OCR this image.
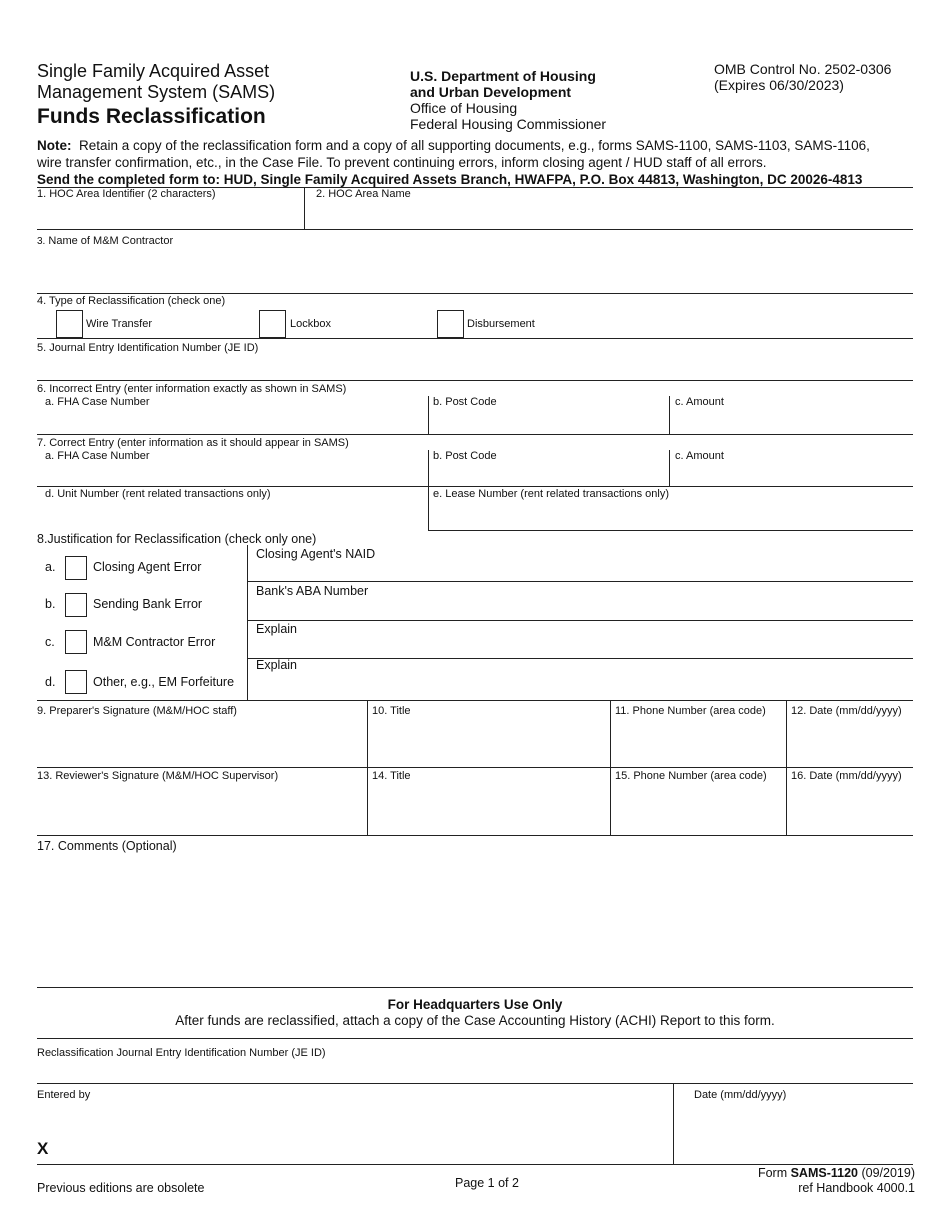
Single Family Acquired Asset
Management System (SAMS)
Funds Reclassification
U.S. Department of Housing
and Urban Development
Office of Housing
Federal Housing Commissioner
OMB Control No. 2502-0306
(Expires 06/30/2023)
Note: Retain a copy of the reclassification form and a copy of all supporting documents, e.g., forms SAMS-1100, SAMS-1103, SAMS-1106,
wire transfer confirmation, etc., in the Case File. To prevent continuing errors, inform closing agent / HUD staff of all errors.
Send the completed form to: HUD, Single Family Acquired Assets Branch, HWAFPA, P.O. Box 44813, Washington, DC 20026-4813
1. HOC Area Identifier (2 characters)	2. HOC Area Name
3. Name of M&M Contractor
4. Type of Reclassification (check one)
Wire Transfer	Lockbox	Disbursement
5. Journal Entry Identification Number (JE ID)
6. Incorrect Entry (enter information exactly as shown in SAMS)
a. FHA Case Number	b. Post Code	c. Amount
7. Correct Entry (enter information as it should appear in SAMS)
a. FHA Case Number	b. Post Code	c. Amount
d. Unit Number (rent related transactions only)	e. Lease Number (rent related transactions only)
8.Justification for Reclassification (check only one)
a.	Closing Agent Error
Closing Agent's NAID
b.	Sending Bank Error
Bank's ABA Number
c.	M&M Contractor Error
Explain
d.	Other, e.g., EM Forfeiture
Explain
9. Preparer's Signature (M&M/HOC staff)	10. Title	11. Phone Number (area code) 12. Date (mm/dd/yyyy)
13. Reviewer's Signature (M&M/HOC Supervisor)	14. Title	15. Phone Number (area code) 16. Date (mm/dd/yyyy)
17. Comments (Optional)
For Headquarters Use Only
After funds are reclassified, attach a copy of the Case Accounting History (ACHI) Report to this form.
Reclassification Journal Entry Identification Number (JE ID)
Entered by
X
Date (mm/dd/yyyy)
Previous editions are obsolete	Page 1 of 2
Form SAMS-1120 (09/2019)
ref Handbook 4000.1
